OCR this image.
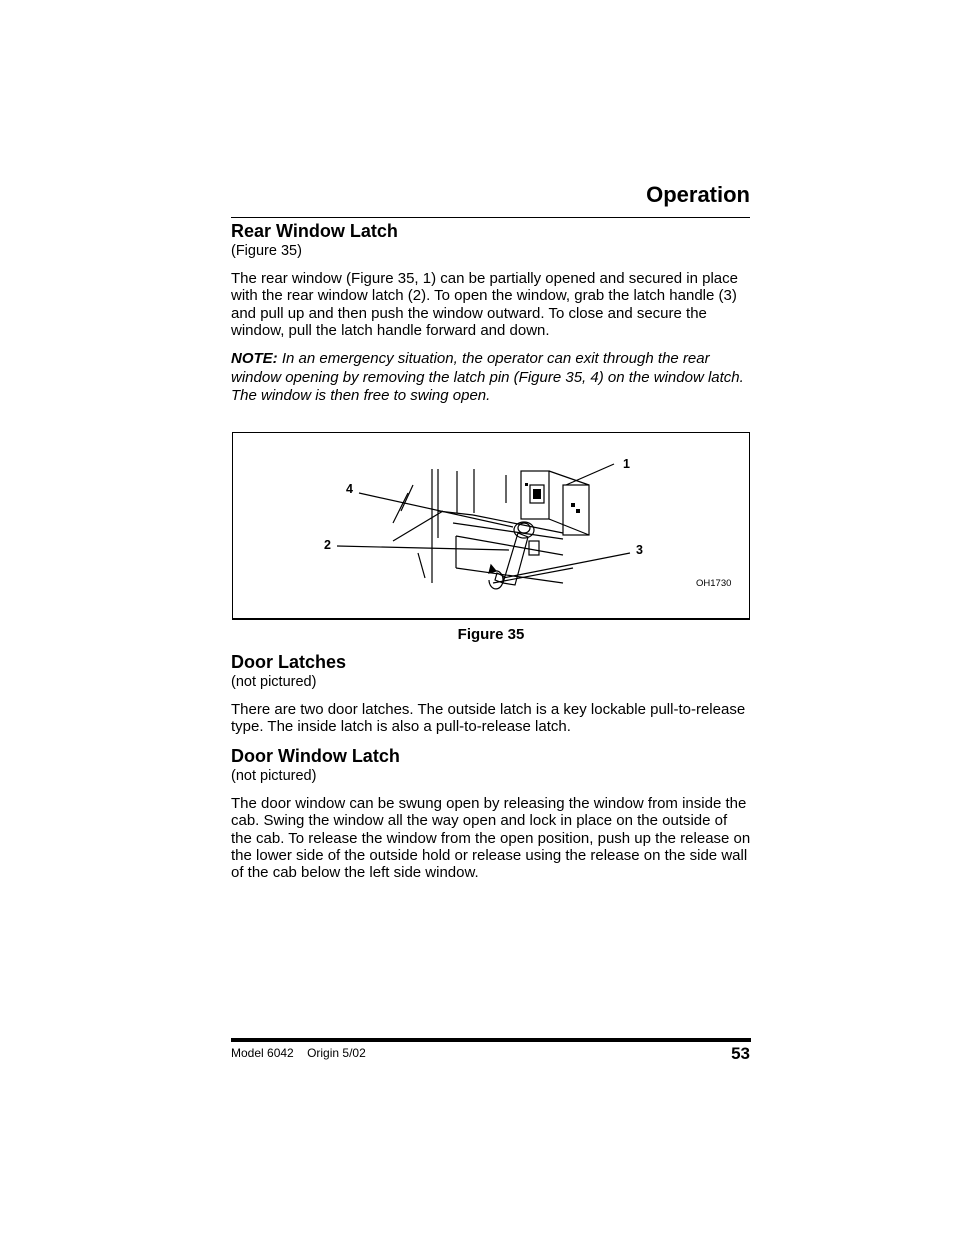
Operation
Rear Window Latch
(Figure 35)

The rear window (Figure 35, 1) can be partially opened and secured in place with the rear window latch (2). To open the window, grab the latch handle (3) and pull up and then push the window outward. To close and secure the window, pull the latch handle forward and down.

NOTE: In an emergency situation, the operator can exit through the rear window opening by removing the latch pin (Figure 35, 4) on the window latch. The window is then free to swing open.

1
2	3
4
OH1730
Figure 35
Door Latches
(not pictured)

There are two door latches. The outside latch is a key lockable pull-to-release type. The inside latch is also a pull-to-release latch.

Door Window Latch
(not pictured)

The door window can be swung open by releasing the window from inside the cab. Swing the window all the way open and lock in place on the outside of the cab. To release the window from the open position, push up the release on the lower side of the outside hold or release using the release on the side wall of the cab below the left side window.

Model 6042 Origin 5/02	53
